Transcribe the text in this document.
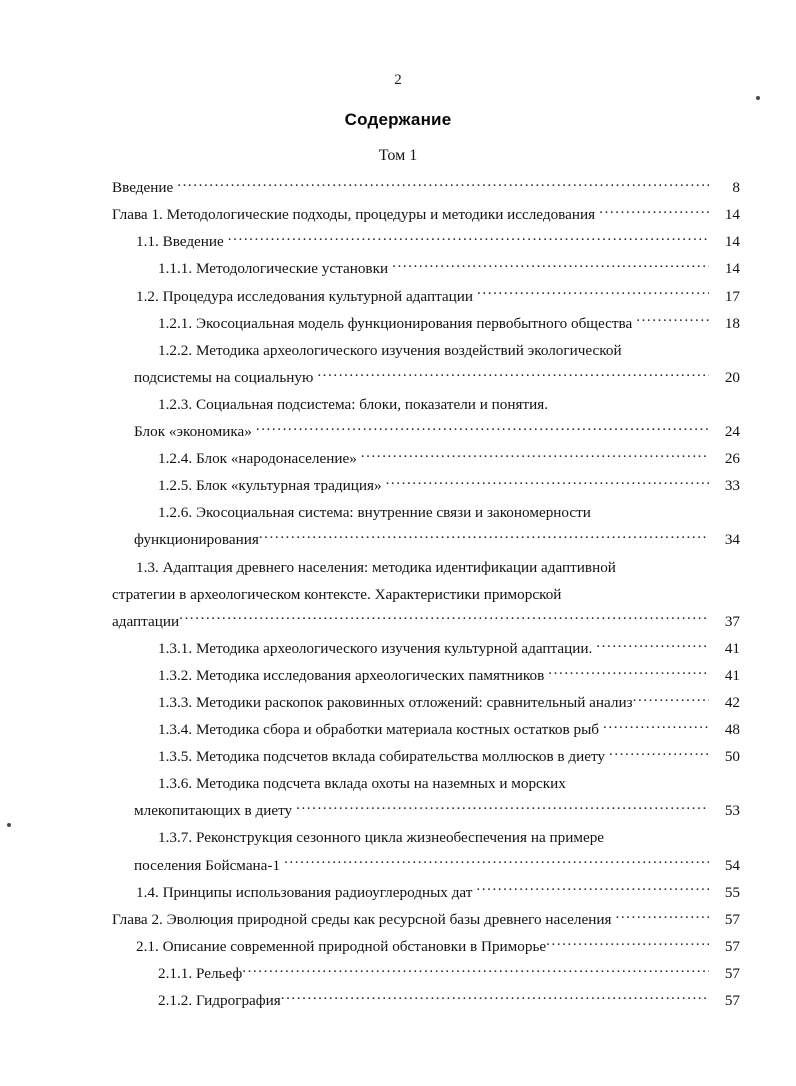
2
Содержание
Том 1
Введение .....	8
Глава 1. Методологические подходы, процедуры и методики исследования .....	14
1.1. Введение .....	14
1.1.1. Методологические установки .....	14
1.2. Процедура исследования культурной адаптации .....	17
1.2.1. Экосоциальная модель функционирования первобытного общества .....	18
1.2.2. Методика археологического изучения воздействий экологической
подсистемы на социальную .....	20
1.2.3. Социальная подсистема: блоки, показатели и понятия.
Блок «экономика» .....	24
1.2.4. Блок «народонаселение» .....	26
1.2.5. Блок «культурная традиция» .....	33
1.2.6. Экосоциальная система: внутренние связи и закономерности
функционирования .....	34
1.3. Адаптация древнего населения: методика идентификации адаптивной
стратегии в археологическом контексте. Характеристики приморской
адаптации .....	37
1.3.1. Методика археологического изучения культурной адаптации. .....	41
1.3.2. Методика исследования археологических памятников .....	41
1.3.3. Методики раскопок раковинных отложений: сравнительный анализ .....	42
1.3.4. Методика сбора и обработки материала костных остатков рыб .....	48
1.3.5. Методика подсчетов вклада собирательства моллюсков в диету .....	50
1.3.6. Методика подсчета вклада охоты на наземных и морских
млекопитающих в диету .....	53
1.3.7. Реконструкция сезонного цикла жизнеобеспечения на примере
поселения Бойсмана-1 .....	54
1.4. Принципы использования радиоуглеродных дат .....	55
Глава 2. Эволюция природной среды как ресурсной базы древнего населения .....	57
2.1. Описание современной природной обстановки в Приморье .....	57
2.1.1. Рельеф .....	57
2.1.2. Гидрография .....	57
